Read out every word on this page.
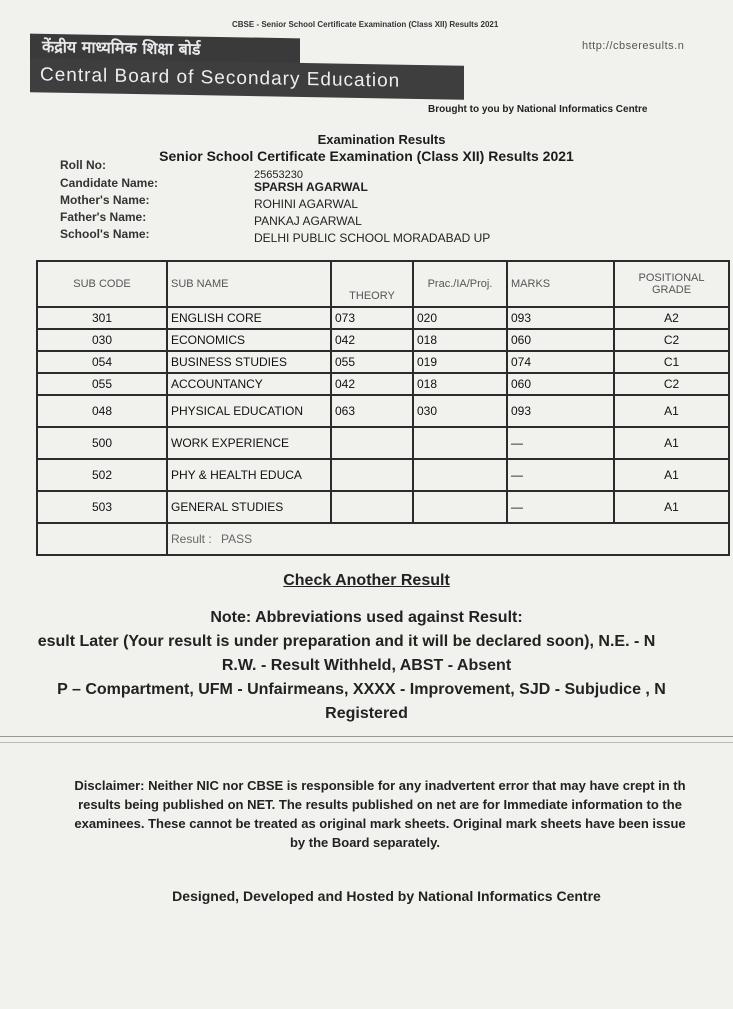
CBSE - Senior School Certificate Examination (Class XII) Results 2021
http://cbseresults.n
केंद्रीय माध्यमिक शिक्षा बोर्ड
Central Board of Secondary Education
Brought to you by National Informatics Centre
Examination Results
Senior School Certificate Examination (Class XII) Results 2021
Roll No:
25653230
Candidate Name:	SPARSH AGARWAL
Mother's Name:	ROHINI AGARWAL
Father's Name:	PANKAJ AGARWAL
School's Name:	DELHI PUBLIC SCHOOL MORADABAD UP
SUB CODE	SUB NAME	THEORY	Prac./IA/Proj.	MARKS	POSITIONAL GRADE
301	ENGLISH CORE	073	020	093	A2
030	ECONOMICS	042	018	060	C2
054	BUSINESS STUDIES	055	019	074	C1
055	ACCOUNTANCY	042	018	060	C2
048	PHYSICAL EDUCATION	063	030	093	A1
500	WORK EXPERIENCE			—	A1
502	PHY & HEALTH EDUCA			—	A1
503	GENERAL STUDIES			—	A1
	Result : PASS				
Check Another Result
Note: Abbreviations used against Result:
esult Later (Your result is under preparation and it will be declared soon), N.E. - N
R.W. - Result Withheld, ABST - Absent
P – Compartment, UFM - Unfairmeans, XXXX - Improvement, SJD - Subjudice , N
Registered
Disclaimer: Neither NIC nor CBSE is responsible for any inadvertent error that may have crept in th
results being published on NET. The results published on net are for Immediate information to the
examinees. These cannot be treated as original mark sheets. Original mark sheets have been issue
by the Board separately.
Designed, Developed and Hosted by National Informatics Centre
